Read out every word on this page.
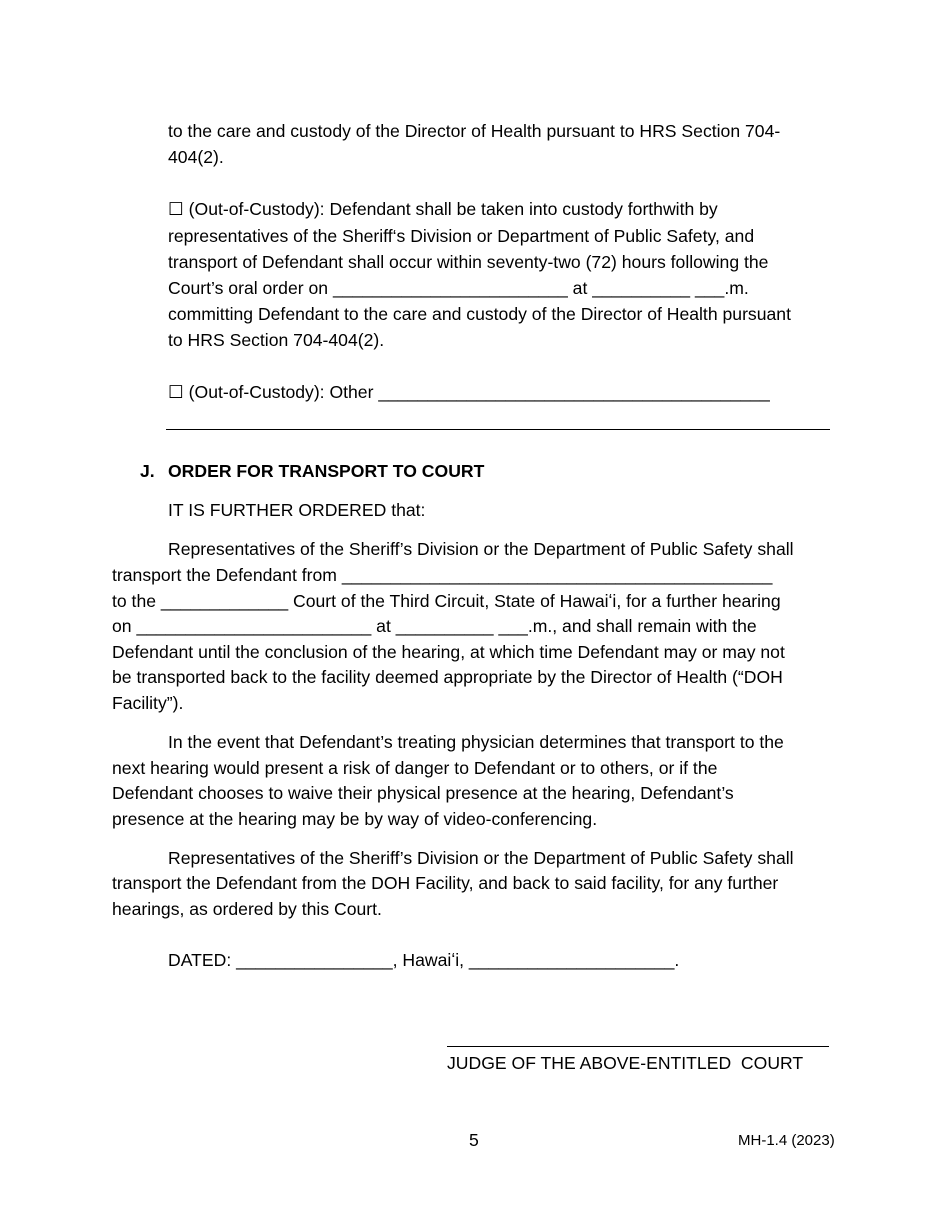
to the care and custody of the Director of Health pursuant to HRS Section 704-
404(2).
☐ (Out-of-Custody): Defendant shall be taken into custody forthwith by
representatives of the Sheriff‘s Division or Department of Public Safety, and
transport of Defendant shall occur within seventy-two (72) hours following the
Court’s oral order on ________________________ at __________ ___.m.
committing Defendant to the care and custody of the Director of Health pursuant
to HRS Section 704-404(2).
☐ (Out-of-Custody): Other ________________________________________
J. ORDER FOR TRANSPORT TO COURT
IT IS FURTHER ORDERED that:
Representatives of the Sheriff’s Division or the Department of Public Safety shall
transport the Defendant from ____________________________________________
to the _____________ Court of the Third Circuit, State of Hawaiʻi, for a further hearing
on ________________________ at __________ ___.m., and shall remain with the
Defendant until the conclusion of the hearing, at which time Defendant may or may not
be transported back to the facility deemed appropriate by the Director of Health (“DOH
Facility”).
In the event that Defendant’s treating physician determines that transport to the
next hearing would present a risk of danger to Defendant or to others, or if the
Defendant chooses to waive their physical presence at the hearing, Defendant’s
presence at the hearing may be by way of video-conferencing.
Representatives of the Sheriff’s Division or the Department of Public Safety shall
transport the Defendant from the DOH Facility, and back to said facility, for any further
hearings, as ordered by this Court.
DATED: ________________, Hawaiʻi, _____________________.
JUDGE OF THE ABOVE-ENTITLED  COURT
5	MH-1.4 (2023)
